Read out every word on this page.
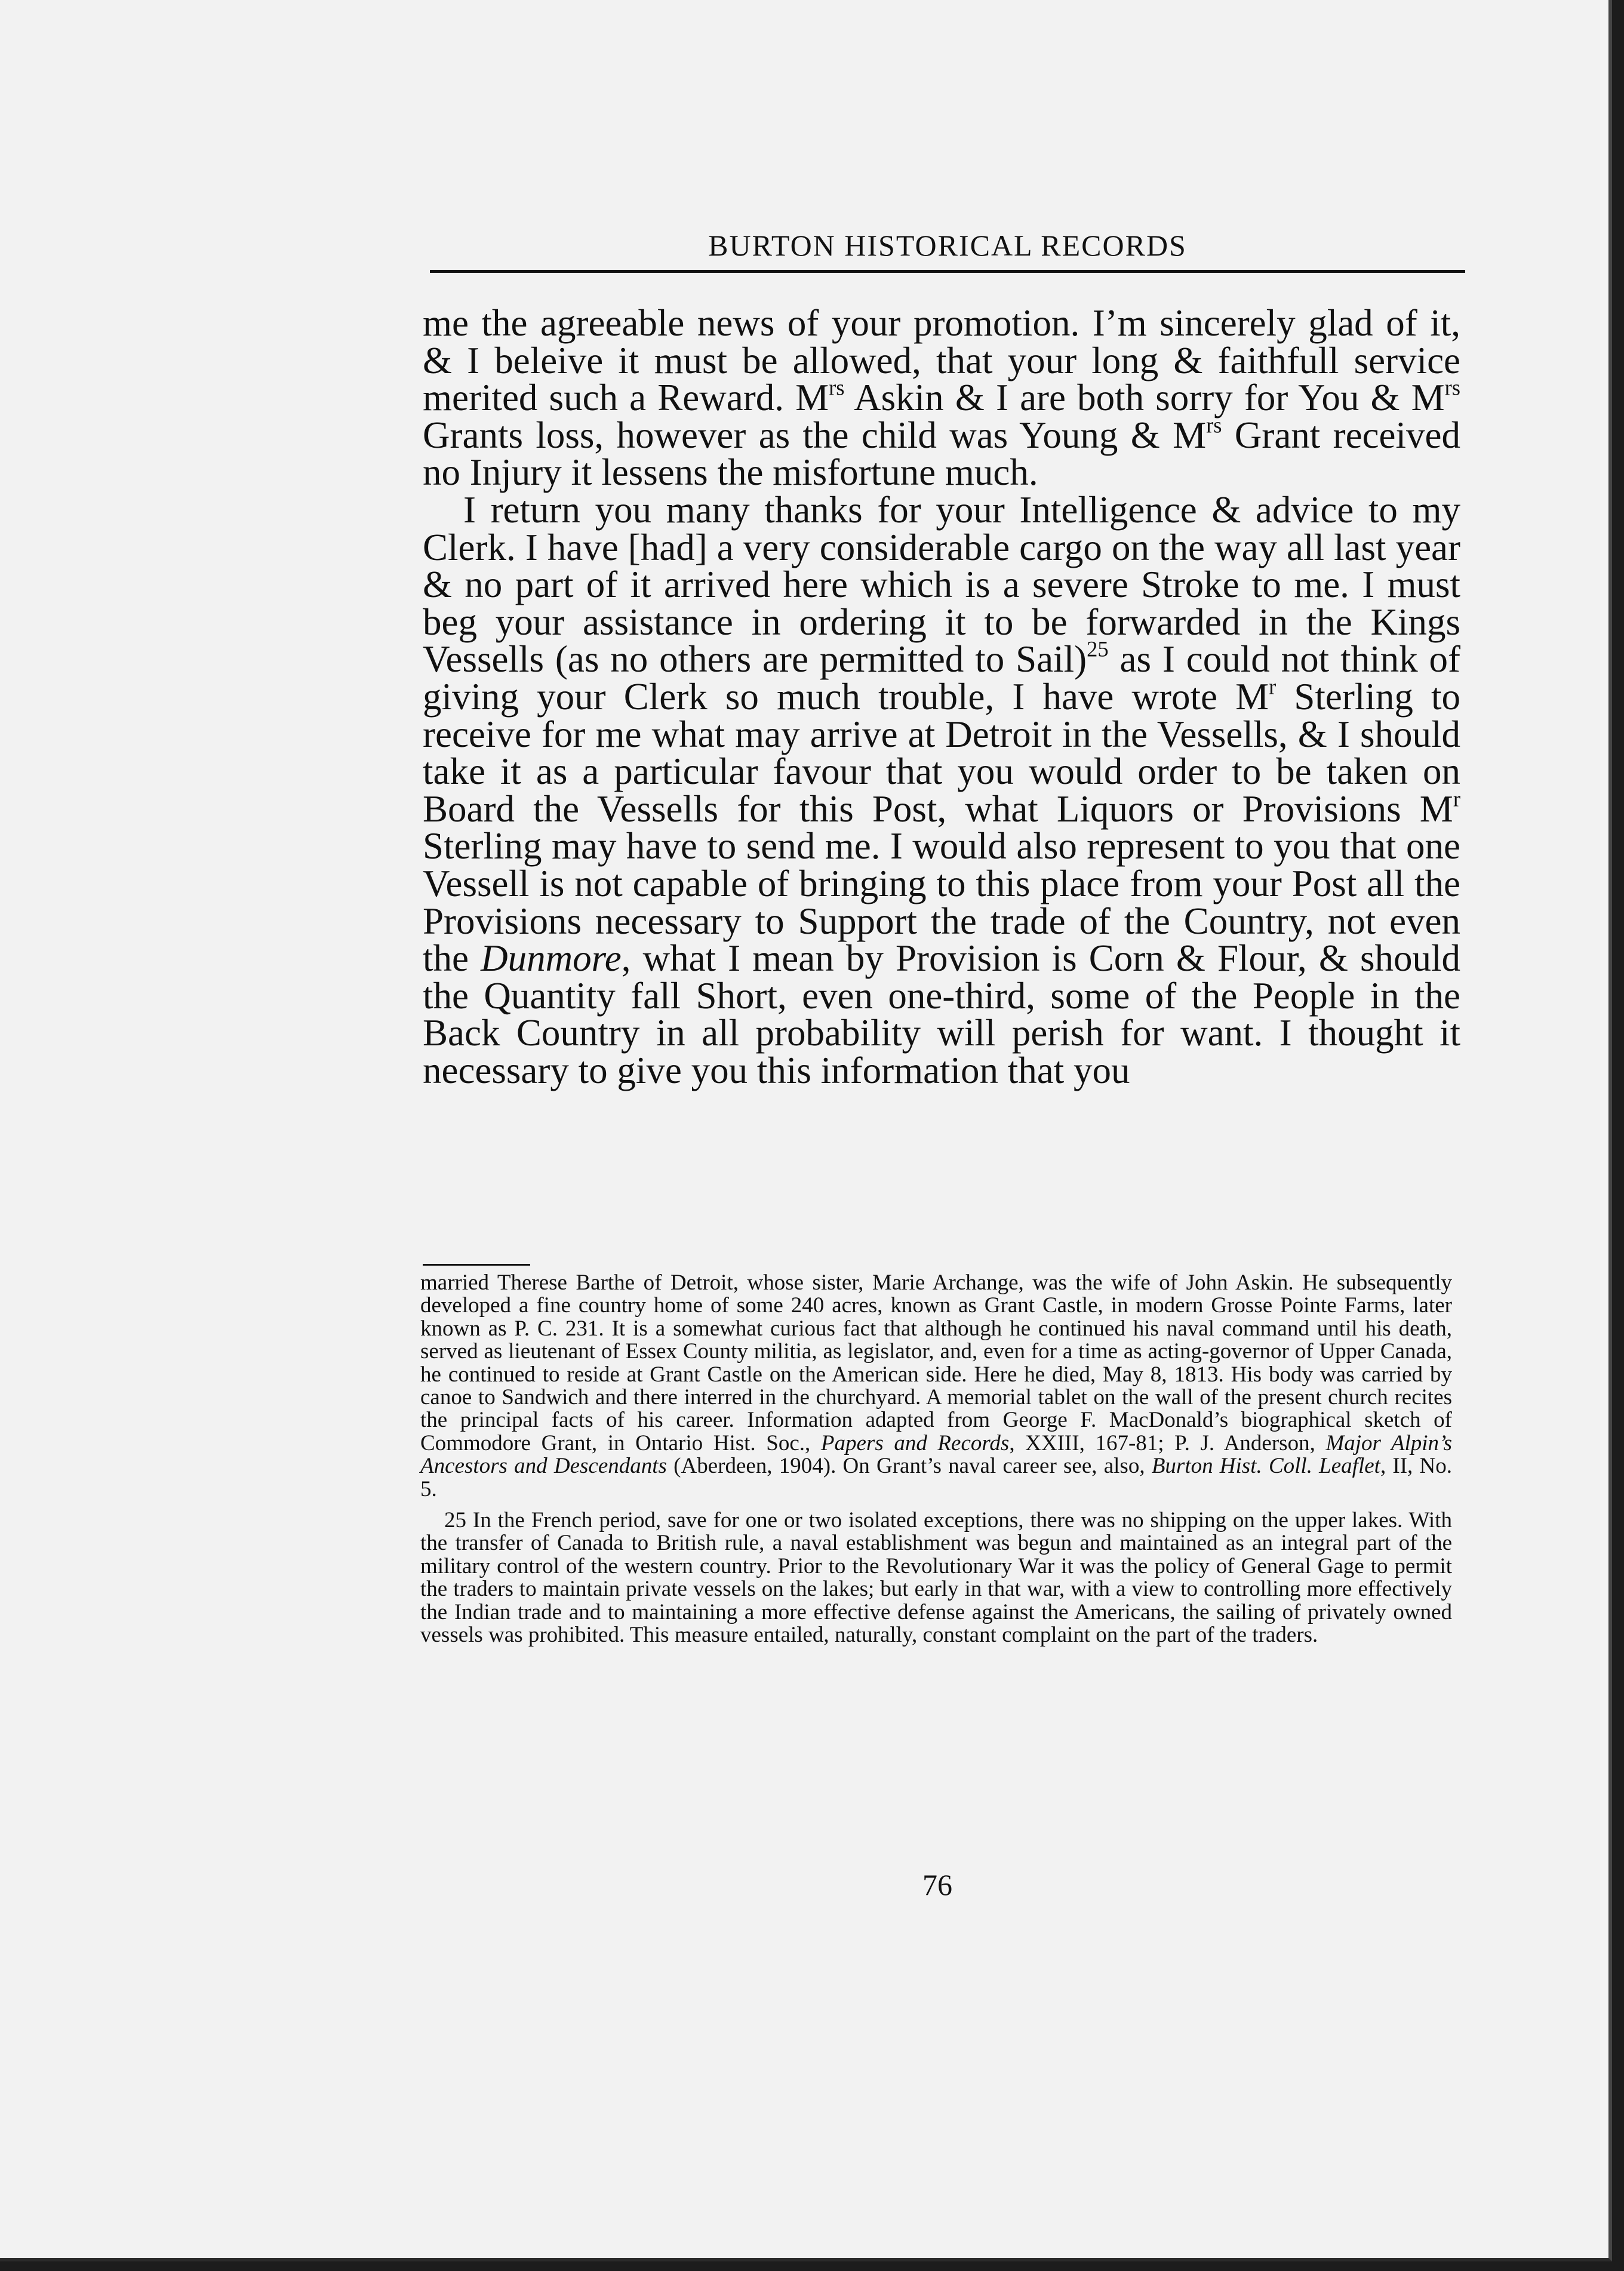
BURTON HISTORICAL RECORDS

me the agreeable news of your promotion. I’m sincerely glad of it, & I beleive it must be allowed, that your long & faithfull service merited such a Reward. $M^{rs}$ Askin & I are both sorry for You & $M^{rs}$ Grants loss, however as the child was Young & $M^{rs}$ Grant received no Injury it lessens the misfortune much.

I return you many thanks for your Intelligence & advice to my Clerk. I have [had] a very considerable cargo on the way all last year & no part of it arrived here which is a severe Stroke to me. I must beg your assistance in ordering it to be forwarded in the Kings Vessells (as no others are permitted to Sail)$^{25}$ as I could not think of giving your Clerk so much trouble, I have wrote $M^r$ Sterling to receive for me what may arrive at Detroit in the Vessells, & I should take it as a particular favour that you would order to be taken on Board the Vessells for this Post, what Liquors or Provisions $M^r$ Sterling may have to send me. I would also represent to you that one Vessell is not capable of bringing to this place from your Post all the Provisions necessary to Support the trade of the Country, not even the Dunmore, what I mean by Provision is Corn & Flour, & should the Quantity fall Short, even one-third, some of the People in the Back Country in all probability will perish for want. I thought it necessary to give you this information that you

married Therese Barthe of Detroit, whose sister, Marie Archange, was the wife of John Askin. He subsequently developed a fine country home of some 240 acres, known as Grant Castle, in modern Grosse Pointe Farms, later known as P. C. 231. It is a somewhat curious fact that although he continued his naval command until his death, served as lieutenant of Essex County militia, as legislator, and, even for a time as acting-governor of Upper Canada, he continued to reside at Grant Castle on the American side. Here he died, May 8, 1813. His body was carried by canoe to Sandwich and there interred in the churchyard. A memorial tablet on the wall of the present church recites the principal facts of his career. Information adapted from George F. MacDonald’s biographical sketch of Commodore Grant, in Ontario Hist. Soc., Papers and Records, XXIII, 167-81; P. J. Anderson, Major Alpin’s Ancestors and Descendants (Aberdeen, 1904). On Grant’s naval career see, also, Burton Hist. Coll. Leaflet, II, No. 5.

25 In the French period, save for one or two isolated exceptions, there was no shipping on the upper lakes. With the transfer of Canada to British rule, a naval establishment was begun and maintained as an integral part of the military control of the western country. Prior to the Revolutionary War it was the policy of General Gage to permit the traders to maintain private vessels on the lakes; but early in that war, with a view to controlling more effectively the Indian trade and to maintaining a more effective defense against the Americans, the sailing of privately owned vessels was prohibited. This measure entailed, naturally, constant complaint on the part of the traders.

76
